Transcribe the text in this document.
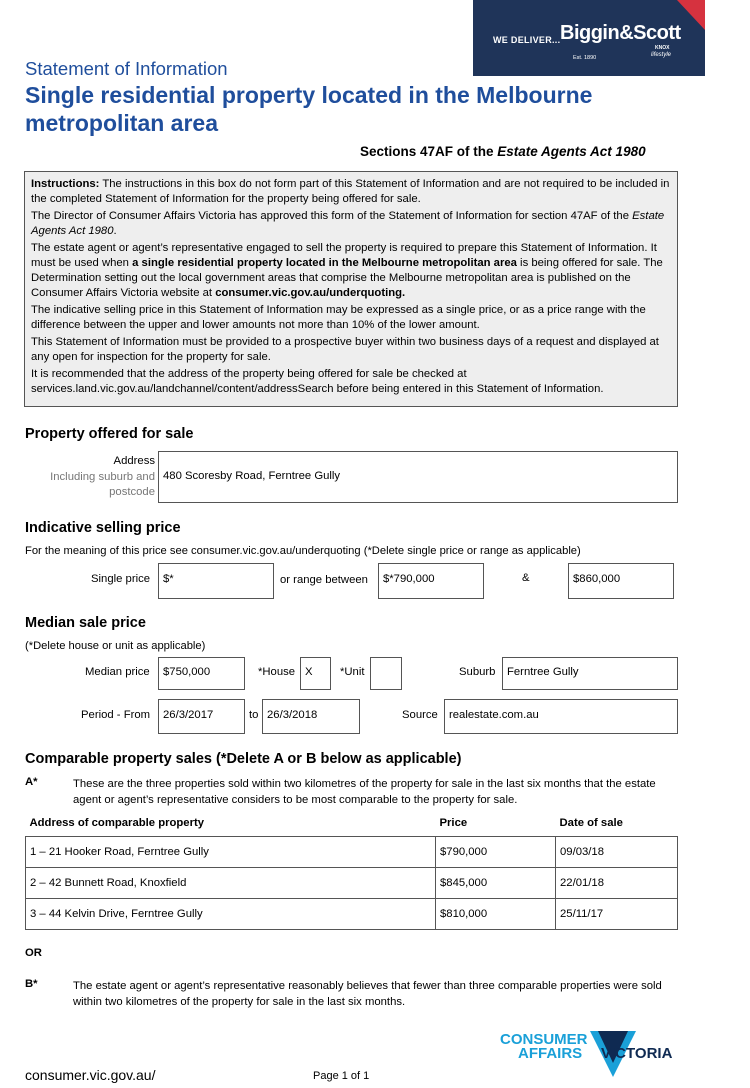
WE DELIVER... Biggin&Scott
KNOX
Est. 1890	lifestyle
Statement of Information
Single residential property located in the Melbourne metropolitan area
Sections 47AF of the Estate Agents Act 1980

Instructions: The instructions in this box do not form part of this Statement of Information and are not required to be included in the completed Statement of Information for the property being offered for sale.

The Director of Consumer Affairs Victoria has approved this form of the Statement of Information for section 47AF of the Estate Agents Act 1980.

The estate agent or agent’s representative engaged to sell the property is required to prepare this Statement of Information. It must be used when a single residential property located in the Melbourne metropolitan area is being offered for sale. The Determination setting out the local government areas that comprise the Melbourne metropolitan area is published on the Consumer Affairs Victoria website at consumer.vic.gov.au/underquoting.

The indicative selling price in this Statement of Information may be expressed as a single price, or as a price range with the difference between the upper and lower amounts not more than 10% of the lower amount.

This Statement of Information must be provided to a prospective buyer within two business days of a request and displayed at any open for inspection for the property for sale.

It is recommended that the address of the property being offered for sale be checked at services.land.vic.gov.au/landchannel/content/addressSearch before being entered in this Statement of Information.

Property offered for sale
Address
Including suburb and
postcode
480 Scoresby Road, Ferntree Gully
Indicative selling price
For the meaning of this price see consumer.vic.gov.au/underquoting (*Delete single price or range as applicable)
Single price	$*	or range between	$*790,000	&	$860,000
Median sale price
(*Delete house or unit as applicable)
Median price	$750,000	*House X	*Unit	Suburb	Ferntree Gully
Period - From	26/3/2017	to 26/3/2018	Source realestate.com.au
Comparable property sales (*Delete A or B below as applicable)
A*	These are the three properties sold within two kilometres of the property for sale in the last six months that the estate agent or agent’s representative considers to be most comparable to the property for sale.
Address of comparable property	Price	Date of sale
1 – 21 Hooker Road, Ferntree Gully	$790,000	09/03/18
2 – 42 Bunnett Road, Knoxfield	$845,000	22/01/18
3 – 44 Kelvin Drive, Ferntree Gully	$810,000	25/11/17
OR
B*	The estate agent or agent’s representative reasonably believes that fewer than three comparable properties were sold within two kilometres of the property for sale in the last six months.
CONSUMER
AFFAIRS VICTORIA
consumer.vic.gov.au/	Page 1 of 1
